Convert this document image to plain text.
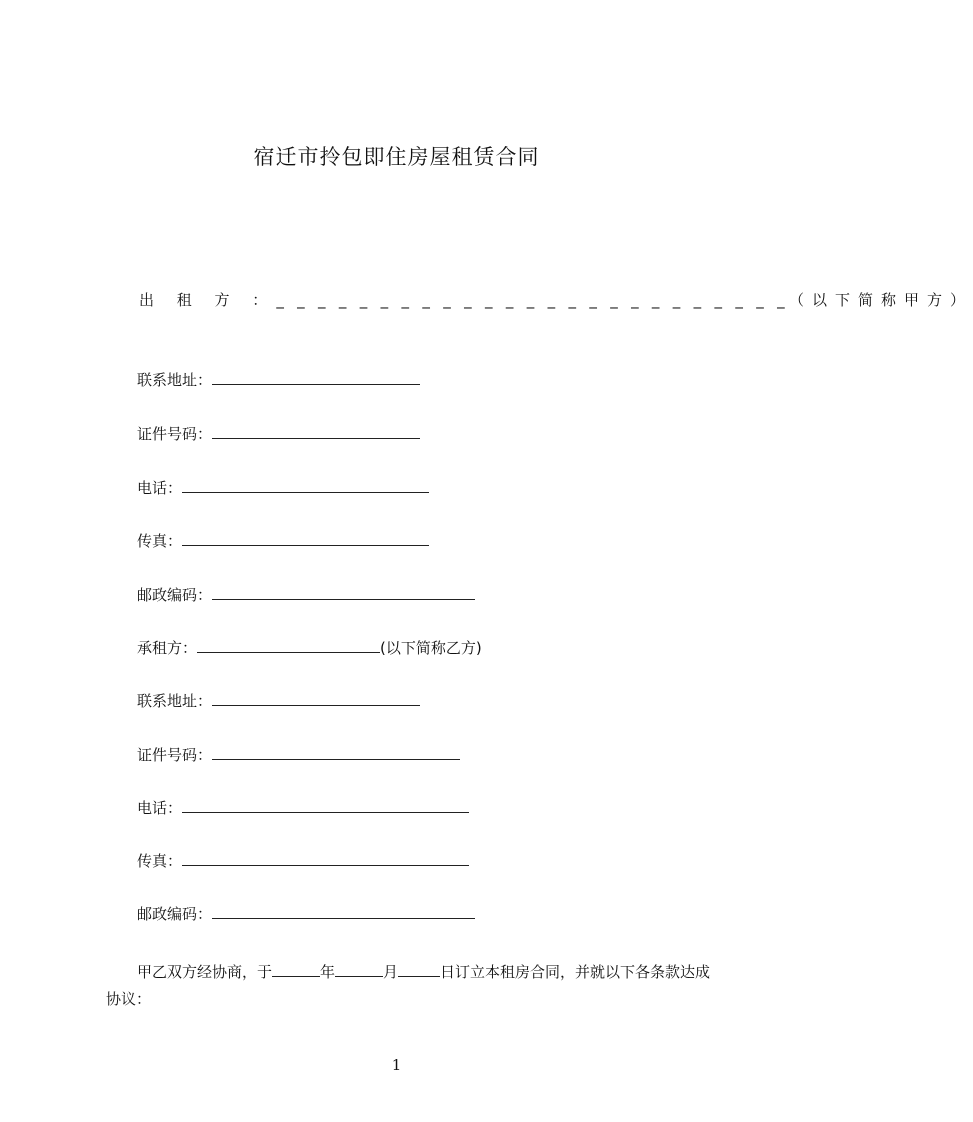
宿迁市拎包即住房屋租赁合同
出 租 方 ：_ _ _ _ _ _ _ _ _ _ _ _ _ _ _ _ _ _ _ _ _ _ _ _ _（以下简称甲方）
联系地址：
证件号码：
电话：
传真：
邮政编码：
承租方：	(以下简称乙方)
联系地址：
证件号码：
电话：
传真：
邮政编码：
甲乙双方经协商，于	年	月	日订立本租房合同，并就以下各条款达成协议：
1
